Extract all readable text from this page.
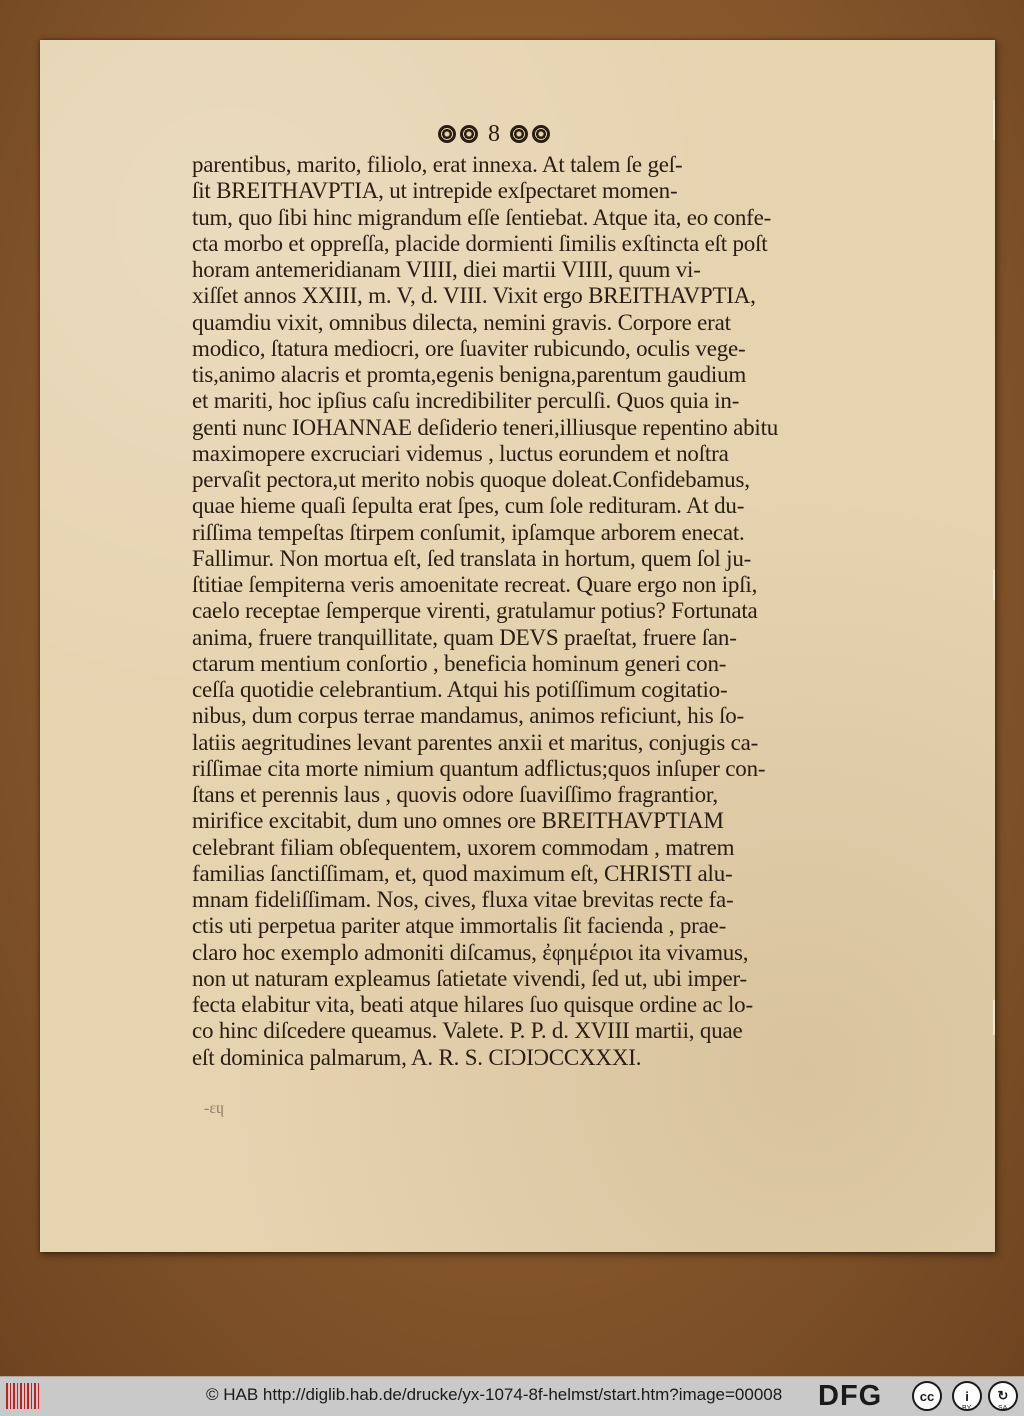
8
parentibus, marito, filiolo, erat innexa. At talem ſe geſ-
ſit BREITHAVPTIA, ut intrepide exſpectaret momen-
tum, quo ſibi hinc migrandum eſſe ſentiebat. Atque ita, eo confe-
cta morbo et oppreſſa, placide dormienti ſimilis exſtincta eſt poſt
horam antemeridianam VIIII, diei martii VIIII, quum vi-
xiſſet annos XXIII, m. V, d. VIII. Vixit ergo BREITHAVPTIA,
quamdiu vixit, omnibus dilecta, nemini gravis. Corpore erat
modico, ſtatura mediocri, ore ſuaviter rubicundo, oculis vege-
tis,animo alacris et promta,egenis benigna,parentum gaudium
et mariti, hoc ipſius caſu incredibiliter perculſi. Quos quia in-
genti nunc IOHANNAE deſiderio teneri,illiusque repentino abitu
maximopere excruciari videmus , luctus eorundem et noſtra
pervaſit pectora,ut merito nobis quoque doleat.Confidebamus,
quae hieme quaſi ſepulta erat ſpes, cum ſole redituram. At du-
riſſima tempeſtas ſtirpem conſumit, ipſamque arborem enecat.
Fallimur. Non mortua eſt, ſed translata in hortum, quem ſol ju-
ſtitiae ſempiterna veris amoenitate recreat. Quare ergo non ipſi,
caelo receptae ſemperque virenti, gratulamur potius? Fortunata
anima, fruere tranquillitate, quam DEVS praeſtat, fruere ſan-
ctarum mentium conſortio , beneficia hominum generi con-
ceſſa quotidie celebrantium. Atqui his potiſſimum cogitatio-
nibus, dum corpus terrae mandamus, animos reficiunt, his ſo-
latiis aegritudines levant parentes anxii et maritus, conjugis ca-
riſſimae cita morte nimium quantum adflictus;quos inſuper con-
ſtans et perennis laus , quovis odore ſuaviſſimo fragrantior,
mirifice excitabit, dum uno omnes ore BREITHAVPTIAM
celebrant filiam obſequentem, uxorem commodam , matrem
familias ſanctiſſimam, et, quod maximum eſt, CHRISTI alu-
mnam fideliſſimam. Nos, cives, fluxa vitae brevitas recte fa-
ctis uti perpetua pariter atque immortalis ſit facienda , prae-
claro hoc exemplo admoniti diſcamus, ἐφημέριοι ita vivamus,
non ut naturam expleamus ſatietate vivendi, ſed ut, ubi imper-
fecta elabitur vita, beati atque hilares ſuo quisque ordine ac lo-
co hinc diſcedere queamus. Valete. P. P. d. XVIII martii, quae
eſt dominica palmarum, A. R. S. CIƆIƆCCXXXI.
-ɛɥ
© HAB http://diglib.hab.de/drucke/yx-1074-8f-helmst/start.htm?image=00008 DFG	cc	i
BY
↻
SA
